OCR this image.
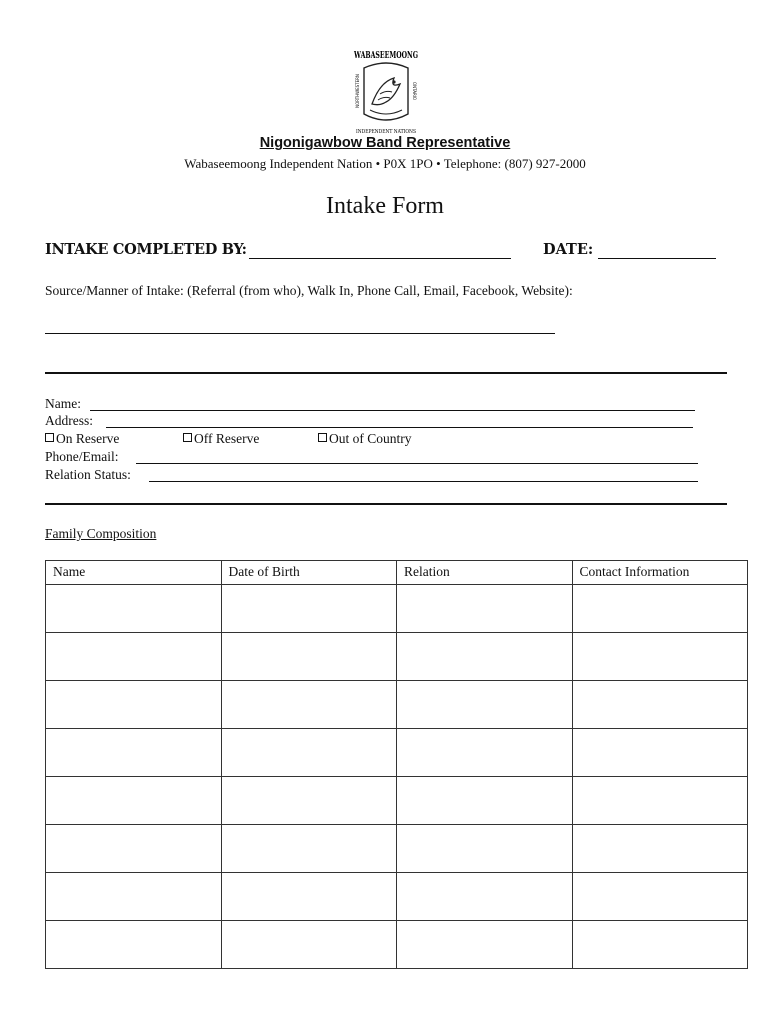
WABASEEMOONG
NORTHWESTERN	ONTARIO
INDEPENDENT NATIONS
Nigonigawbow Band Representative
Wabaseemoong Independent Nation • P0X 1PO • Telephone: (807) 927-2000
Intake Form
INTAKE COMPLETED BY:	DATE:
Source/Manner of Intake: (Referral (from who), Walk In, Phone Call, Email, Facebook, Website):
Name:
Address:
On Reserve	Off Reserve	Out of Country
Phone/Email:
Relation Status:
Family Composition
Name	Date of Birth	Relation	Contact Information
